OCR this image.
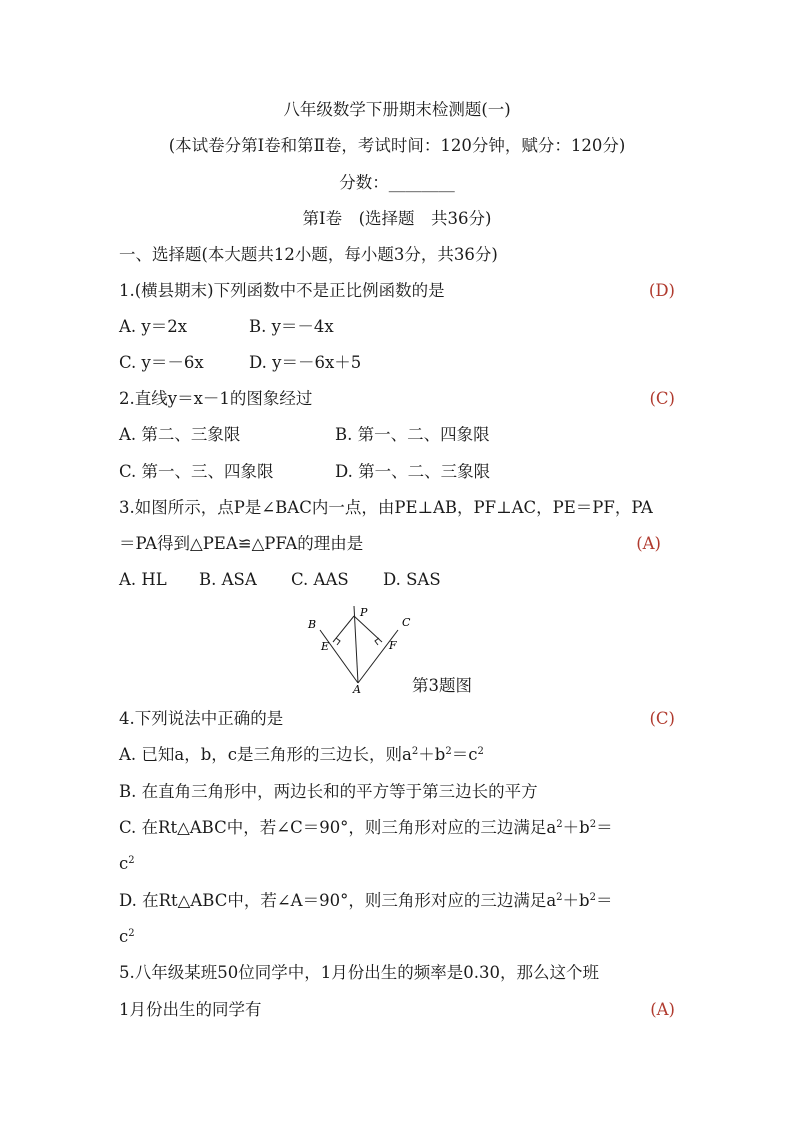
八年级数学下册期末检测题(一)
(本试卷分第Ⅰ卷和第Ⅱ卷，考试时间：120分钟，赋分：120分)
分数：________
第Ⅰ卷　(选择题　共36分)
一、选择题(本大题共12小题，每小题3分，共36分)
1.(横县期末)下列函数中不是正比例函数的是	(D)
A. y＝2x	B. y＝－4x
C. y＝－6x	D. y＝－6x＋5
2.直线y＝x－1的图象经过	(C)
A. 第二、三象限	B. 第一、二、四象限
C. 第一、三、四象限	D. 第一、二、三象限
3.如图所示，点P是∠BAC内一点，由PE⊥AB，PF⊥AC，PE＝PF，PA
＝PA得到△PEA≌△PFA的理由是	(A)
A. HL B. ASA C. AAS D. SAS
B
P
C
E	F
A	第3题图
4.下列说法中正确的是	(C)
A. 已知a，b，c是三角形的三边长，则$a^2+b^2=c^2$
B. 在直角三角形中，两边长和的平方等于第三边长的平方
C. 在Rt△ABC中，若∠C＝90°，则三角形对应的三边满足$a^2+b^2=$
$c^2$
D. 在Rt△ABC中，若∠A＝90°，则三角形对应的三边满足$a^2+b^2=$
$c^2$
5.八年级某班50位同学中，1月份出生的频率是0.30，那么这个班
1月份出生的同学有	(A)
